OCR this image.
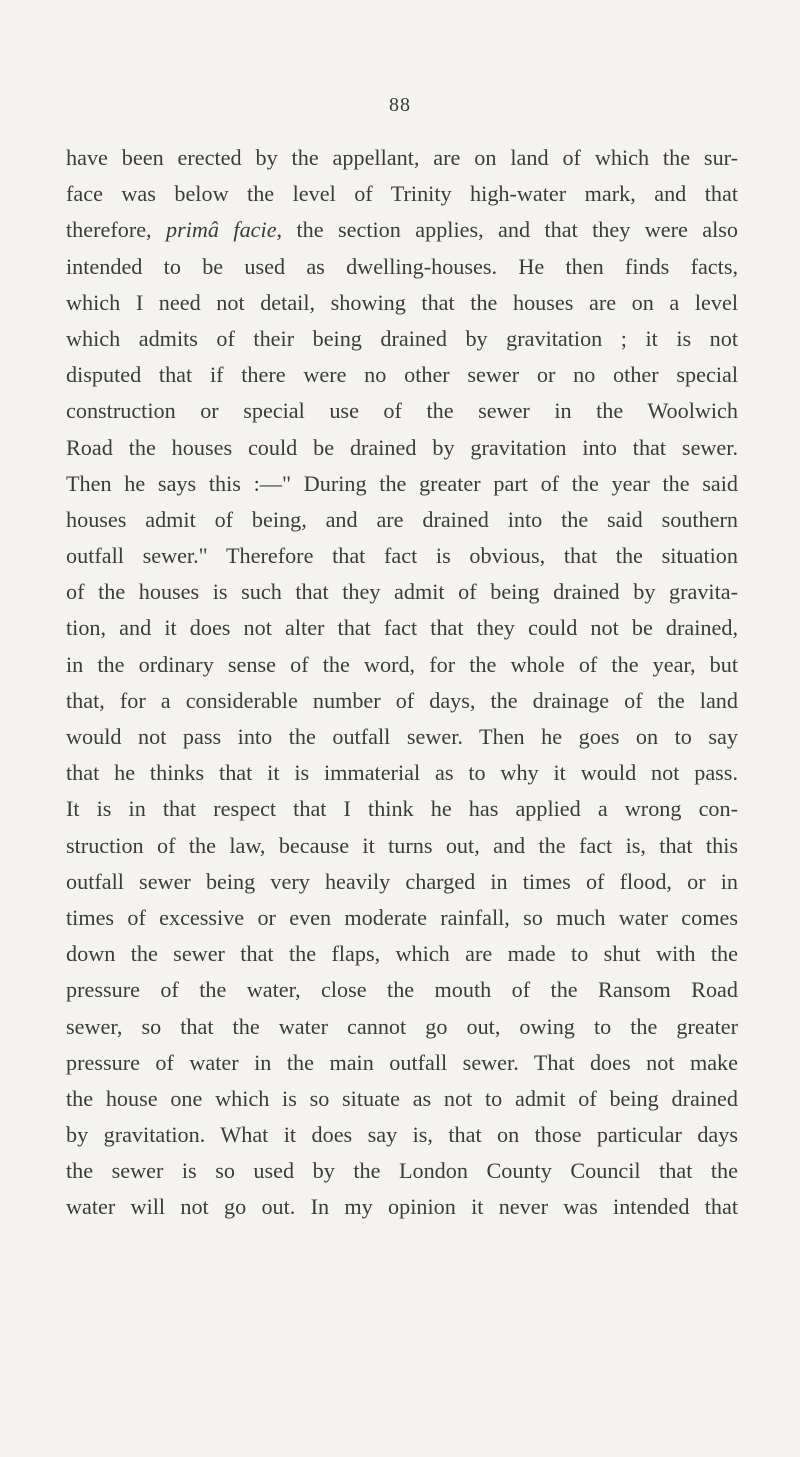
88
have been erected by the appellant, are on land of which the sur-
face was below the level of Trinity high-water mark, and that
therefore, primâ facie, the section applies, and that they were also
intended to be used as dwelling-houses. He then finds facts,
which I need not detail, showing that the houses are on a level
which admits of their being drained by gravitation ; it is not
disputed that if there were no other sewer or no other special
construction or special use of the sewer in the Woolwich
Road the houses could be drained by gravitation into that sewer.
Then he says this :—" During the greater part of the year the said
houses admit of being, and are drained into the said southern
outfall sewer." Therefore that fact is obvious, that the situation
of the houses is such that they admit of being drained by gravita-
tion, and it does not alter that fact that they could not be drained,
in the ordinary sense of the word, for the whole of the year, but
that, for a considerable number of days, the drainage of the land
would not pass into the outfall sewer. Then he goes on to say
that he thinks that it is immaterial as to why it would not pass.
It is in that respect that I think he has applied a wrong con-
struction of the law, because it turns out, and the fact is, that this
outfall sewer being very heavily charged in times of flood, or in
times of excessive or even moderate rainfall, so much water comes
down the sewer that the flaps, which are made to shut with the
pressure of the water, close the mouth of the Ransom Road
sewer, so that the water cannot go out, owing to the greater
pressure of water in the main outfall sewer. That does not make
the house one which is so situate as not to admit of being drained
by gravitation. What it does say is, that on those particular days
the sewer is so used by the London County Council that the
water will not go out. In my opinion it never was intended that
